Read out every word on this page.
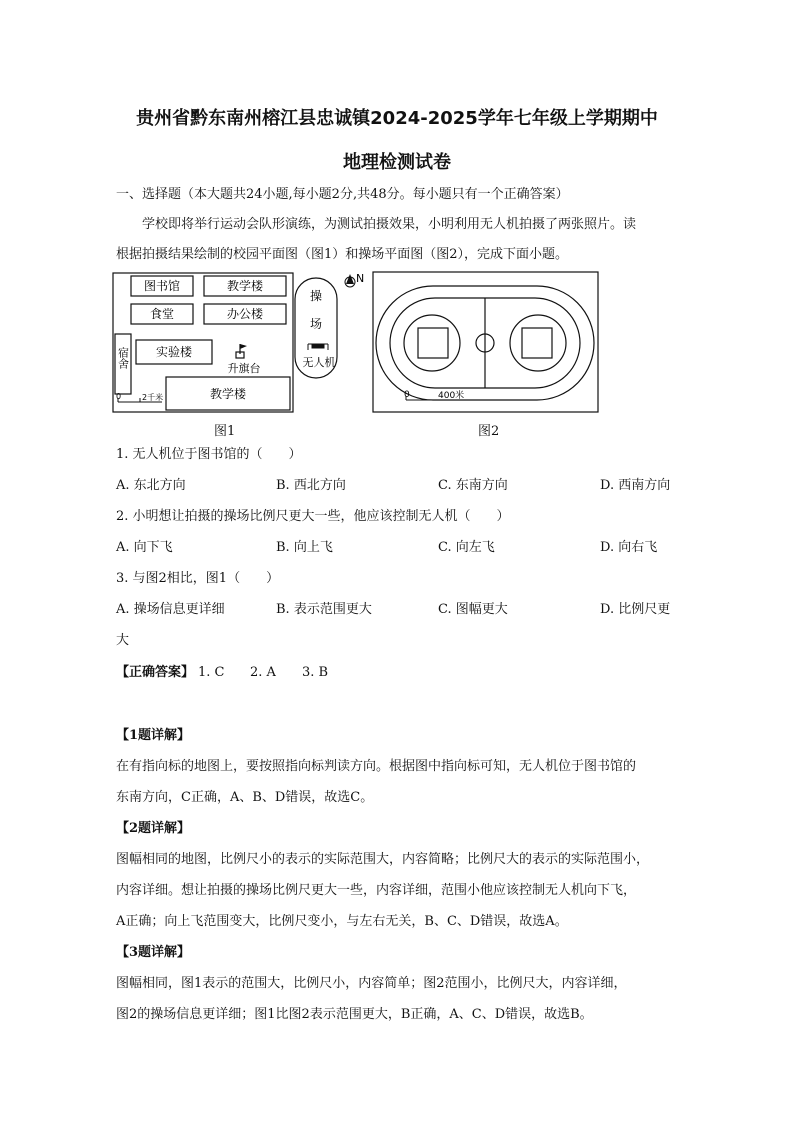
贵州省黔东南州榕江县忠诚镇2024-2025学年七年级上学期期中
地理检测试卷
一、选择题（本大题共24小题,每小题2分,共48分。每小题只有一个正确答案）
学校即将举行运动会队形演练，为测试拍摄效果，小明利用无人机拍摄了两张照片。读
根据拍摄结果绘制的校园平面图（图1）和操场平面图（图2），完成下面小题。
图书馆	教学楼
食堂	办公楼
实验楼
教学楼
宿舍
操
场
无人机
升旗台
N
0	2千米
图1
0	400米
图2
1. 无人机位于图书馆的（　　）
A. 东北方向	B. 西北方向	C. 东南方向	D. 西南方向
2. 小明想让拍摄的操场比例尺更大一些，他应该控制无人机（　　）
A. 向下飞	B. 向上飞	C. 向左飞	D. 向右飞
3. 与图2相比，图1（　　）
A. 操场信息更详细	B. 表示范围更大	C. 图幅更大	D. 比例尺更
大
【正确答案】 1. C 2. A 3. B
【1题详解】
在有指向标的地图上，要按照指向标判读方向。根据图中指向标可知，无人机位于图书馆的
东南方向，C正确，A、B、D错误，故选C。
【2题详解】
图幅相同的地图，比例尺小的表示的实际范围大，内容简略；比例尺大的表示的实际范围小，
内容详细。想让拍摄的操场比例尺更大一些，内容详细，范围小他应该控制无人机向下飞，
A正确；向上飞范围变大，比例尺变小，与左右无关，B、C、D错误，故选A。
【3题详解】
图幅相同，图1表示的范围大，比例尺小，内容简单；图2范围小，比例尺大，内容详细，
图2的操场信息更详细；图1比图2表示范围更大，B正确，A、C、D错误，故选B。
